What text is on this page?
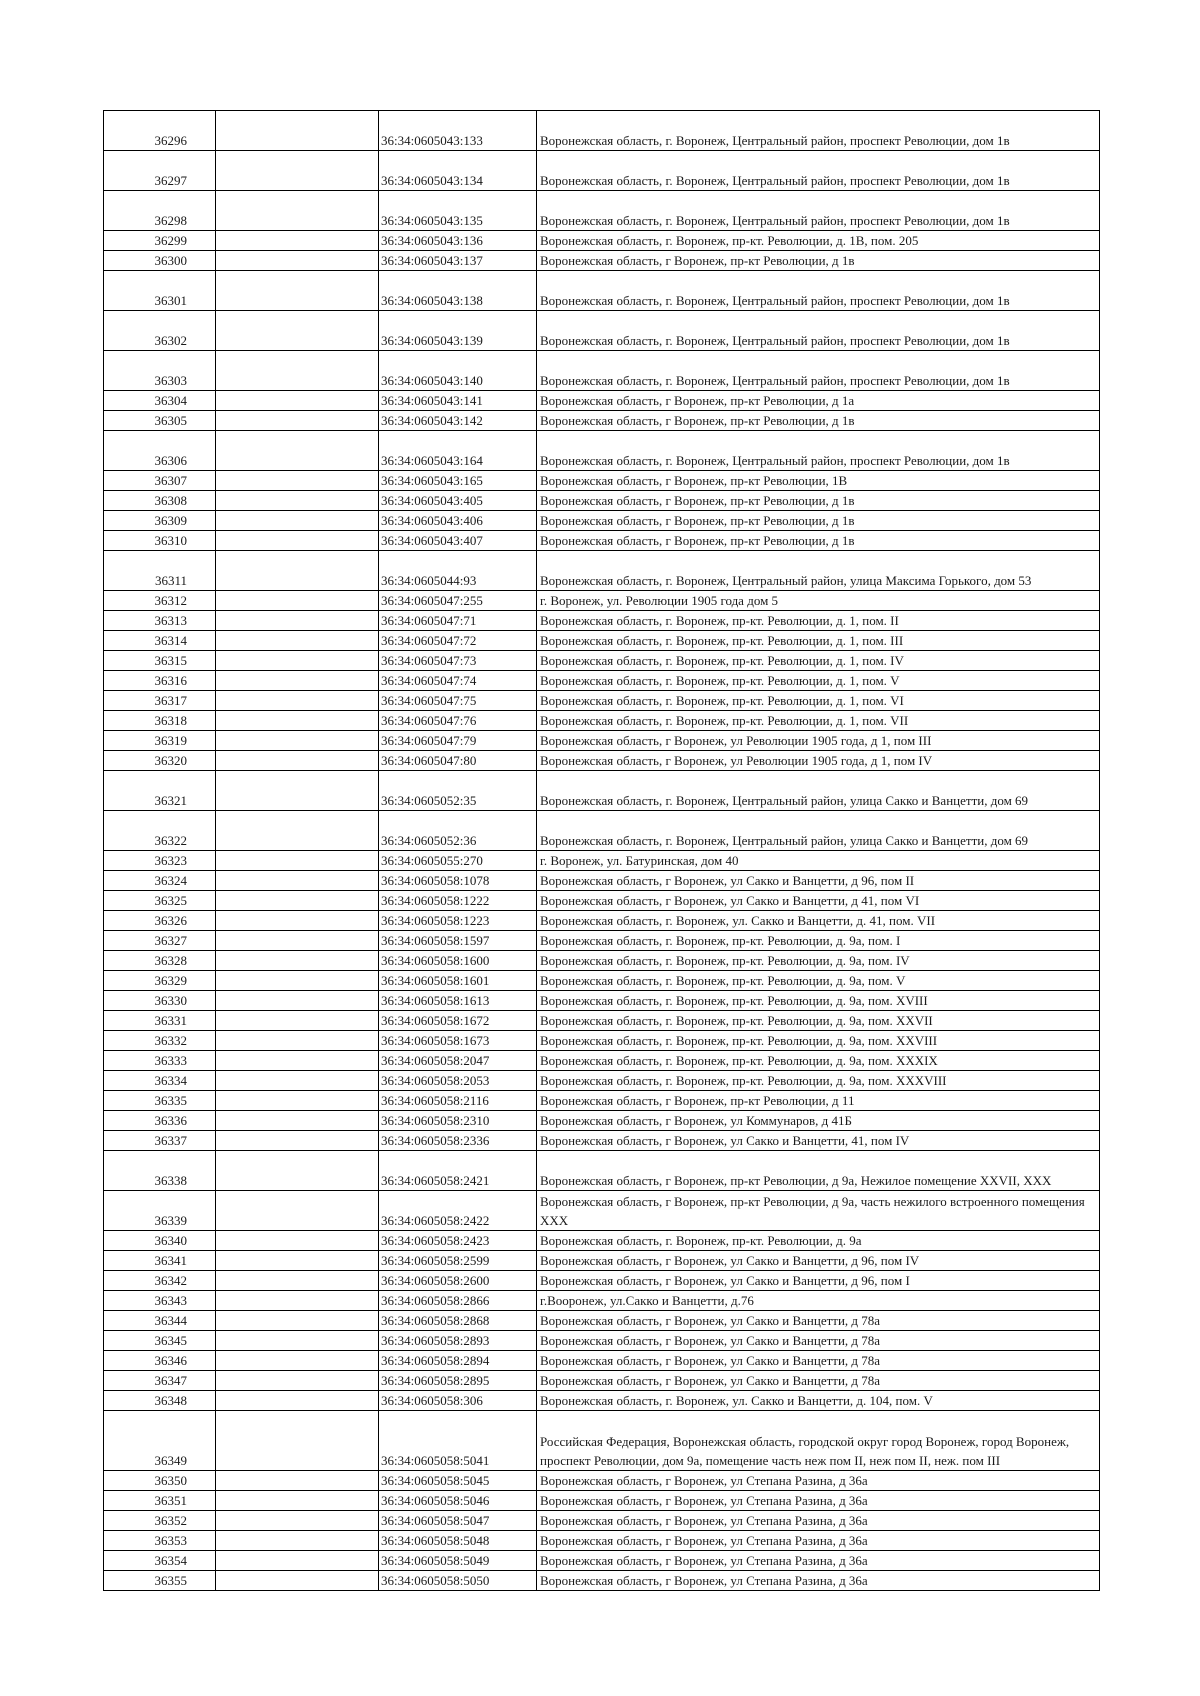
36296		36:34:0605043:133	Воронежская область, г. Воронеж, Центральный район, проспект Революции, дом 1в
36297		36:34:0605043:134	Воронежская область, г. Воронеж, Центральный район, проспект Революции, дом 1в
36298		36:34:0605043:135	Воронежская область, г. Воронеж, Центральный район, проспект Революции, дом 1в
36299		36:34:0605043:136	Воронежская область, г. Воронеж, пр-кт. Революции, д. 1В, пом. 205
36300		36:34:0605043:137	Воронежская область, г Воронеж, пр-кт Революции, д 1в
36301		36:34:0605043:138	Воронежская область, г. Воронеж, Центральный район, проспект Революции, дом 1в
36302		36:34:0605043:139	Воронежская область, г. Воронеж, Центральный район, проспект Революции, дом 1в
36303		36:34:0605043:140	Воронежская область, г. Воронеж, Центральный район, проспект Революции, дом 1в
36304		36:34:0605043:141	Воронежская область, г Воронеж, пр-кт Революции, д 1а
36305		36:34:0605043:142	Воронежская область, г Воронеж, пр-кт Революции, д 1в
36306		36:34:0605043:164	Воронежская область, г. Воронеж, Центральный район, проспект Революции, дом 1в
36307		36:34:0605043:165	Воронежская область, г Воронеж, пр-кт Революции, 1В
36308		36:34:0605043:405	Воронежская область, г Воронеж, пр-кт Революции, д 1в
36309		36:34:0605043:406	Воронежская область, г Воронеж, пр-кт Революции, д 1в
36310		36:34:0605043:407	Воронежская область, г Воронеж, пр-кт Революции, д 1в
36311		36:34:0605044:93	Воронежская область, г. Воронеж, Центральный район, улица Максима Горького, дом 53
36312		36:34:0605047:255	г. Воронеж, ул. Революции 1905 года дом 5
36313		36:34:0605047:71	Воронежская область, г. Воронеж, пр-кт. Революции, д. 1, пом. II
36314		36:34:0605047:72	Воронежская область, г. Воронеж, пр-кт. Революции, д. 1, пом. III
36315		36:34:0605047:73	Воронежская область, г. Воронеж, пр-кт. Революции, д. 1, пом. IV
36316		36:34:0605047:74	Воронежская область, г. Воронеж, пр-кт. Революции, д. 1, пом. V
36317		36:34:0605047:75	Воронежская область, г. Воронеж, пр-кт. Революции, д. 1, пом. VI
36318		36:34:0605047:76	Воронежская область, г. Воронеж, пр-кт. Революции, д. 1, пом. VII
36319		36:34:0605047:79	Воронежская область, г Воронеж, ул Революции 1905 года, д 1, пом III
36320		36:34:0605047:80	Воронежская область, г Воронеж, ул Революции 1905 года, д 1, пом IV
36321		36:34:0605052:35	Воронежская область, г. Воронеж, Центральный район, улица Сакко и Ванцетти, дом 69
36322		36:34:0605052:36	Воронежская область, г. Воронеж, Центральный район, улица Сакко и Ванцетти, дом 69
36323		36:34:0605055:270	г. Воронеж, ул. Батуринская, дом 40
36324		36:34:0605058:1078	Воронежская область, г Воронеж, ул Сакко и Ванцетти, д 96, пом II
36325		36:34:0605058:1222	Воронежская область, г Воронеж, ул Сакко и Ванцетти, д 41, пом VI
36326		36:34:0605058:1223	Воронежская область, г. Воронеж, ул. Сакко и Ванцетти, д. 41, пом. VII
36327		36:34:0605058:1597	Воронежская область, г. Воронеж, пр-кт. Революции, д. 9а, пом. I
36328		36:34:0605058:1600	Воронежская область, г. Воронеж, пр-кт. Революции, д. 9а, пом. IV
36329		36:34:0605058:1601	Воронежская область, г. Воронеж, пр-кт. Революции, д. 9а, пом. V
36330		36:34:0605058:1613	Воронежская область, г. Воронеж, пр-кт. Революции, д. 9а, пом. XVIII
36331		36:34:0605058:1672	Воронежская область, г. Воронеж, пр-кт. Революции, д. 9а, пом. XXVII
36332		36:34:0605058:1673	Воронежская область, г. Воронеж, пр-кт. Революции, д. 9а, пом. XXVIII
36333		36:34:0605058:2047	Воронежская область, г. Воронеж, пр-кт. Революции, д. 9а, пом. XXXIX
36334		36:34:0605058:2053	Воронежская область, г. Воронеж, пр-кт. Революции, д. 9а, пом. XXXVIII
36335		36:34:0605058:2116	Воронежская область, г Воронеж, пр-кт Революции, д 11
36336		36:34:0605058:2310	Воронежская область, г Воронеж, ул Коммунаров, д 41Б
36337		36:34:0605058:2336	Воронежская область, г Воронеж, ул Сакко и Ванцетти, 41, пом IV
36338		36:34:0605058:2421	Воронежская область, г Воронеж, пр-кт Революции, д 9а, Нежилое помещение XXVII, XXX
36339		36:34:0605058:2422	Воронежская область, г Воронеж, пр-кт Революции, д 9а, часть нежилого встроенного помещения XXX
36340		36:34:0605058:2423	Воронежская область, г. Воронеж, пр-кт. Революции, д. 9а
36341		36:34:0605058:2599	Воронежская область, г Воронеж, ул Сакко и Ванцетти, д 96, пом IV
36342		36:34:0605058:2600	Воронежская область, г Воронеж, ул Сакко и Ванцетти, д 96, пом I
36343		36:34:0605058:2866	г.Вооронеж, ул.Сакко и Ванцетти, д.76
36344		36:34:0605058:2868	Воронежская область, г Воронеж, ул Сакко и Ванцетти, д 78а
36345		36:34:0605058:2893	Воронежская область, г Воронеж, ул Сакко и Ванцетти, д 78а
36346		36:34:0605058:2894	Воронежская область, г Воронеж, ул Сакко и Ванцетти, д 78а
36347		36:34:0605058:2895	Воронежская область, г Воронеж, ул Сакко и Ванцетти, д 78а
36348		36:34:0605058:306	Воронежская область, г. Воронеж, ул. Сакко и Ванцетти, д. 104, пом. V
36349		36:34:0605058:5041	Российская Федерация, Воронежская область, городской округ город Воронеж, город Воронеж, проспект Революции, дом 9а, помещение часть неж пом II, неж пом II, неж. пом III
36350		36:34:0605058:5045	Воронежская область, г Воронеж, ул Степана Разина, д 36а
36351		36:34:0605058:5046	Воронежская область, г Воронеж, ул Степана Разина, д 36а
36352		36:34:0605058:5047	Воронежская область, г Воронеж, ул Степана Разина, д 36а
36353		36:34:0605058:5048	Воронежская область, г Воронеж, ул Степана Разина, д 36а
36354		36:34:0605058:5049	Воронежская область, г Воронеж, ул Степана Разина, д 36а
36355		36:34:0605058:5050	Воронежская область, г Воронеж, ул Степана Разина, д 36а
